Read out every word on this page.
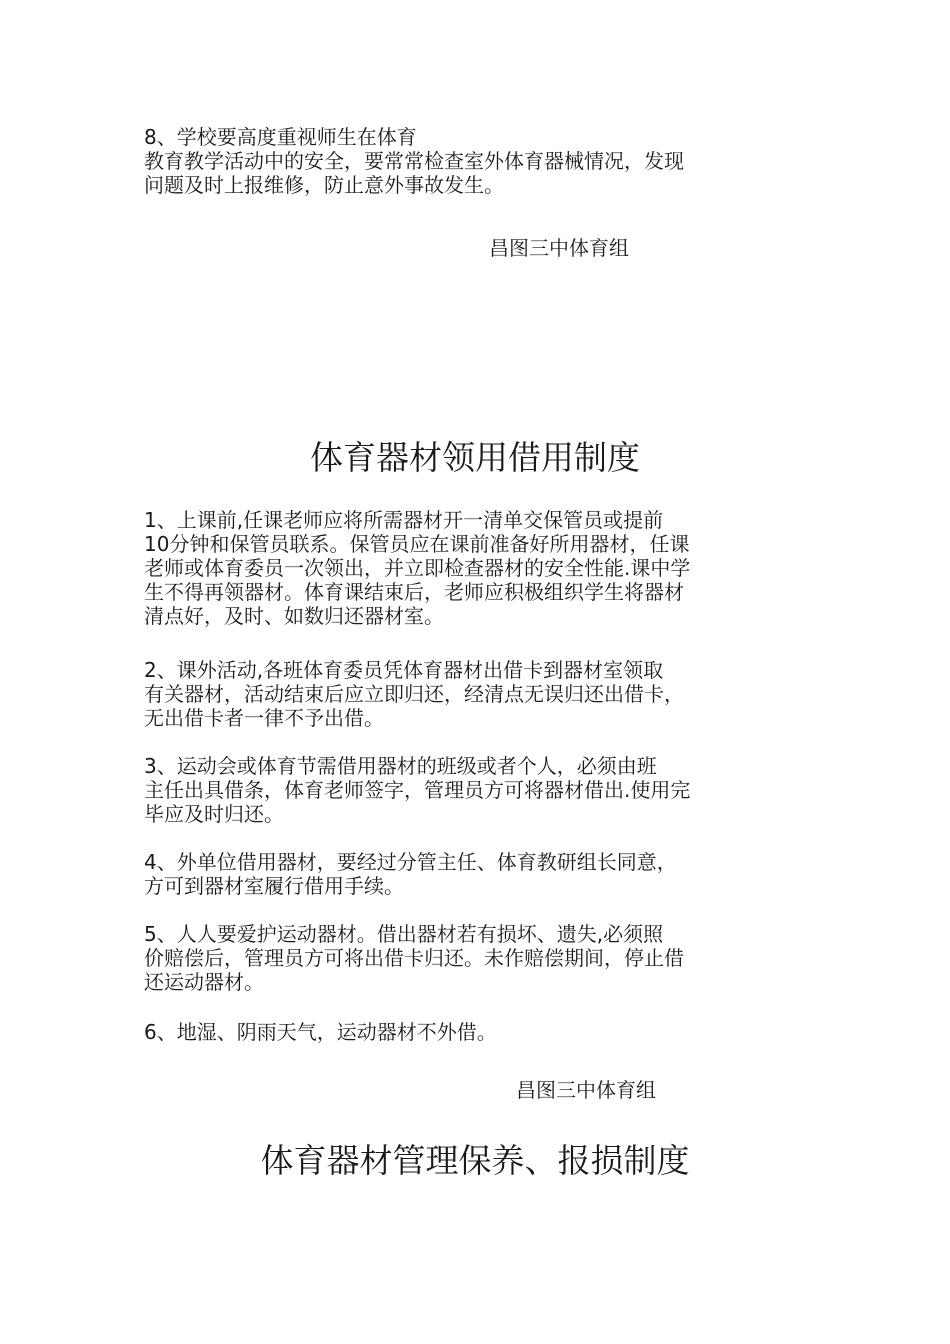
8、学校要高度重视师生在体育
教育教学活动中的安全，要常常检查室外体育器械情况，发现
问题及时上报维修，防止意外事故发生。
昌图三中体育组
体育器材领用借用制度
1、上课前,任课老师应将所需器材开一清单交保管员或提前
10分钟和保管员联系。保管员应在课前准备好所用器材，任课
老师或体育委员一次领出，并立即检查器材的安全性能.课中学
生不得再领器材。体育课结束后，老师应积极组织学生将器材
清点好，及时、如数归还器材室。
2、课外活动,各班体育委员凭体育器材出借卡到器材室领取
有关器材，活动结束后应立即归还，经清点无误归还出借卡，
无出借卡者一律不予出借。
3、运动会或体育节需借用器材的班级或者个人，必须由班
主任出具借条，体育老师签字，管理员方可将器材借出.使用完
毕应及时归还。
4、外单位借用器材，要经过分管主任、体育教研组长同意，
方可到器材室履行借用手续。
5、人人要爱护运动器材。借出器材若有损坏、遗失,必须照
价赔偿后，管理员方可将出借卡归还。未作赔偿期间，停止借
还运动器材。
6、地湿、阴雨天气，运动器材不外借。
昌图三中体育组
体育器材管理保养、报损制度
